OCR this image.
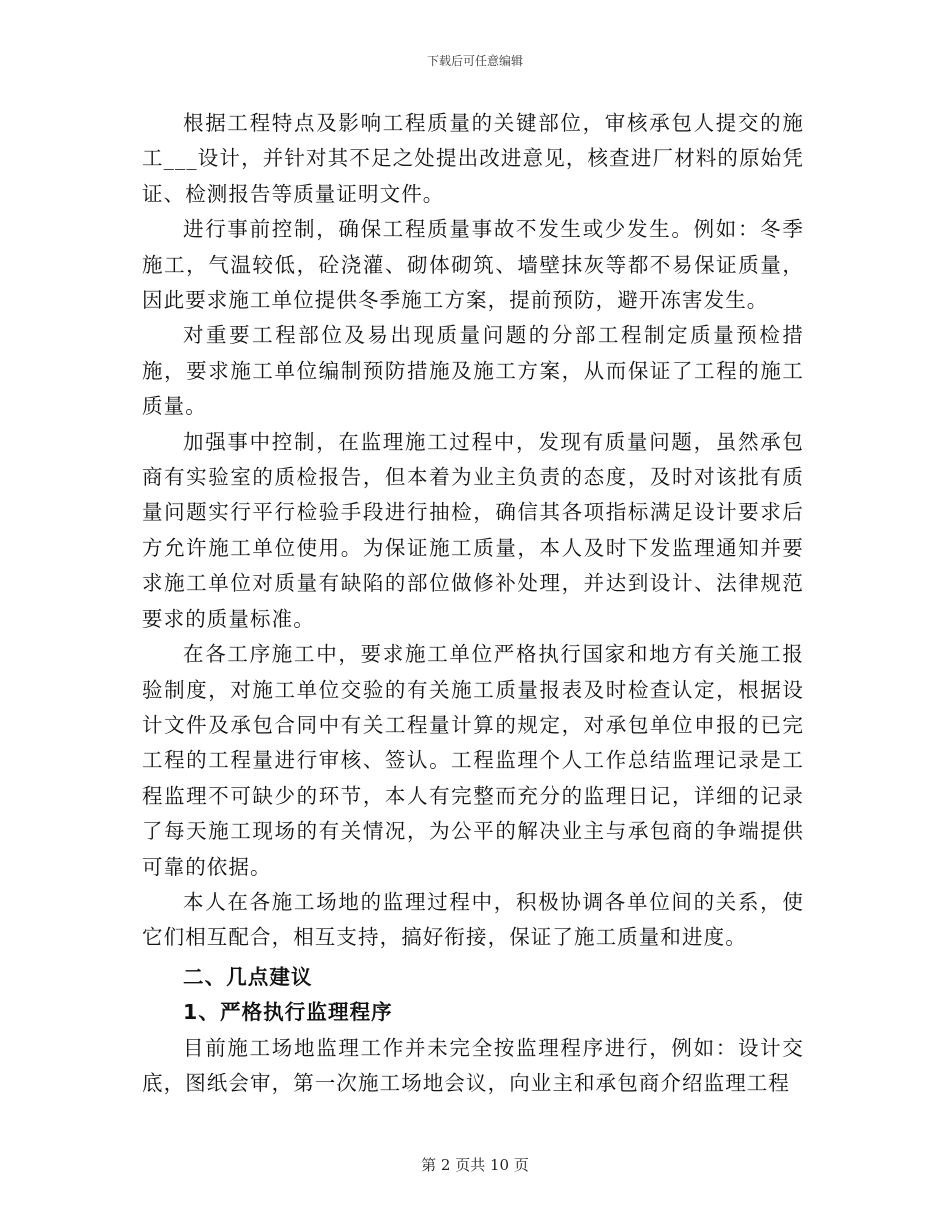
下载后可任意编辑

根据工程特点及影响工程质量的关键部位，审核承包人提交的施工___设计，并针对其不足之处提出改进意见，核查进厂材料的原始凭证、检测报告等质量证明文件。

进行事前控制，确保工程质量事故不发生或少发生。例如：冬季施工，气温较低，砼浇灌、砌体砌筑、墙壁抹灰等都不易保证质量，因此要求施工单位提供冬季施工方案，提前预防，避开冻害发生。

对重要工程部位及易出现质量问题的分部工程制定质量预检措施，要求施工单位编制预防措施及施工方案，从而保证了工程的施工质量。

加强事中控制，在监理施工过程中，发现有质量问题，虽然承包商有实验室的质检报告，但本着为业主负责的态度，及时对该批有质量问题实行平行检验手段进行抽检，确信其各项指标满足设计要求后方允许施工单位使用。为保证施工质量，本人及时下发监理通知并要求施工单位对质量有缺陷的部位做修补处理，并达到设计、法律规范要求的质量标准。

在各工序施工中，要求施工单位严格执行国家和地方有关施工报验制度，对施工单位交验的有关施工质量报表及时检查认定，根据设计文件及承包合同中有关工程量计算的规定，对承包单位申报的已完工程的工程量进行审核、签认。工程监理个人工作总结监理记录是工程监理不可缺少的环节，本人有完整而充分的监理日记，详细的记录了每天施工现场的有关情况，为公平的解决业主与承包商的争端提供可靠的依据。

本人在各施工场地的监理过程中，积极协调各单位间的关系，使它们相互配合，相互支持，搞好衔接，保证了施工质量和进度。

二、几点建议

1、严格执行监理程序

目前施工场地监理工作并未完全按监理程序进行，例如：设计交底，图纸会审，第一次施工场地会议，向业主和承包商介绍监理工程

第 2 页共 10 页
